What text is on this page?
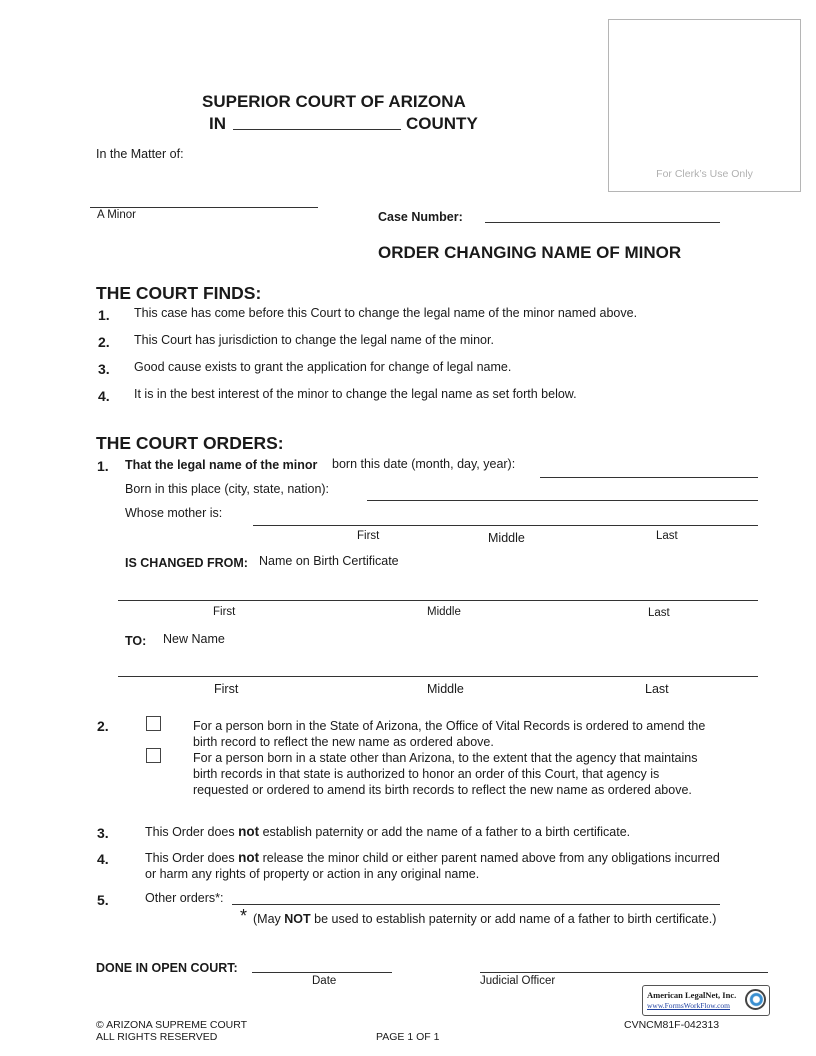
For Clerk’s Use Only
SUPERIOR COURT OF ARIZONA
IN	COUNTY
In the Matter of:
A Minor	Case Number:
ORDER CHANGING NAME OF MINOR
THE COURT FINDS:
1. This case has come before this Court to change the legal name of the minor named above.
2. This Court has jurisdiction to change the legal name of the minor.
3. Good cause exists to grant the application for change of legal name.
4. It is in the best interest of the minor to change the legal name as set forth below.
THE COURT ORDERS:
1. That the legal name of the minor born this date (month, day, year):
Born in this place (city, state, nation):
Whose mother is:
First	Middle	Last
IS CHANGED FROM: Name on Birth Certificate
First	Middle	Last
TO: New Name
First	Middle	Last
2.	For a person born in the State of Arizona, the Office of Vital Records is ordered to amend the birth record to reflect the new name as ordered above.
For a person born in a state other than Arizona, to the extent that the agency that maintains birth records in that state is authorized to honor an order of this Court, that agency is requested or ordered to amend its birth records to reflect the new name as ordered above.
3.	This Order does not establish paternity or add the name of a father to a birth certificate.
4.	This Order does not release the minor child or either parent named above from any obligations incurred or harm any rights of property or action in any original name.
5.	Other orders*:
* (May NOT be used to establish paternity or add name of a father to birth certificate.)
DONE IN OPEN COURT:
Date	Judicial Officer
American LegalNet, Inc.
www.FormsWorkFlow.com
© ARIZONA SUPREME COURT
ALL RIGHTS RESERVED	PAGE 1 OF 1
CVNCM81F-042313
